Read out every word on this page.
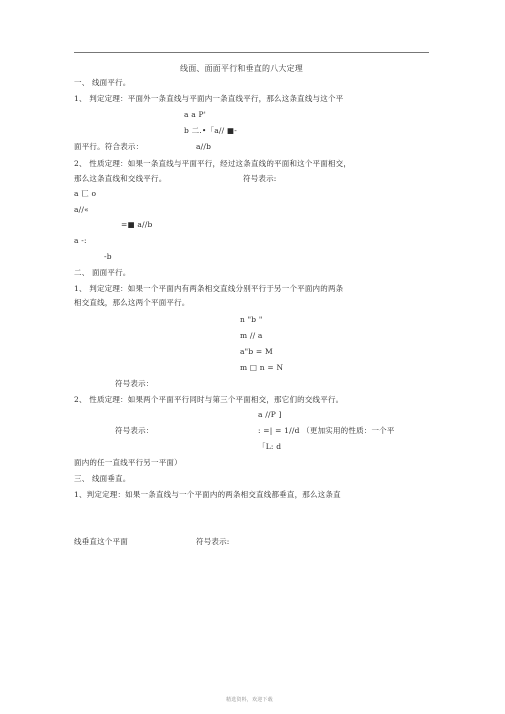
线面、面面平行和垂直的八大定理
一、 线面平行。
1、 判定定理：平面外一条直线与平面内一条直线平行，那么这条直线与这个平
a a P'
b 二.•「a// ■-
面平行。符合表示：	a//b
2、 性质定理：如果一条直线与平面平行，经过这条直线的平面和这个平面相交，
那么这条直线和交线平行。	符号表示:
a 匸 o
a//«
=■ a//b
a -:
-b
二、 面面平行。
1、 判定定理：如果一个平面内有两条相交直线分别平行于另一个平面内的两条
相交直线，那么这两个平面平行。
n "b "
m // a
a"b = M
m □ n = N
符号表示：
2、 性质定理：如果两个平面平行同时与第三个平面相交，那它们的交线平行。
a //P ]
符号表示：	: =| = 1//d （更加实用的性质：一个平
「L: d
面内的任一直线平行另一平面）
三、 线面垂直。
1、判定定理：如果一条直线与一个平面内的两条相交直线都垂直，那么这条直
线垂直这个平面	符号表示:
精选资料，欢迎下载
